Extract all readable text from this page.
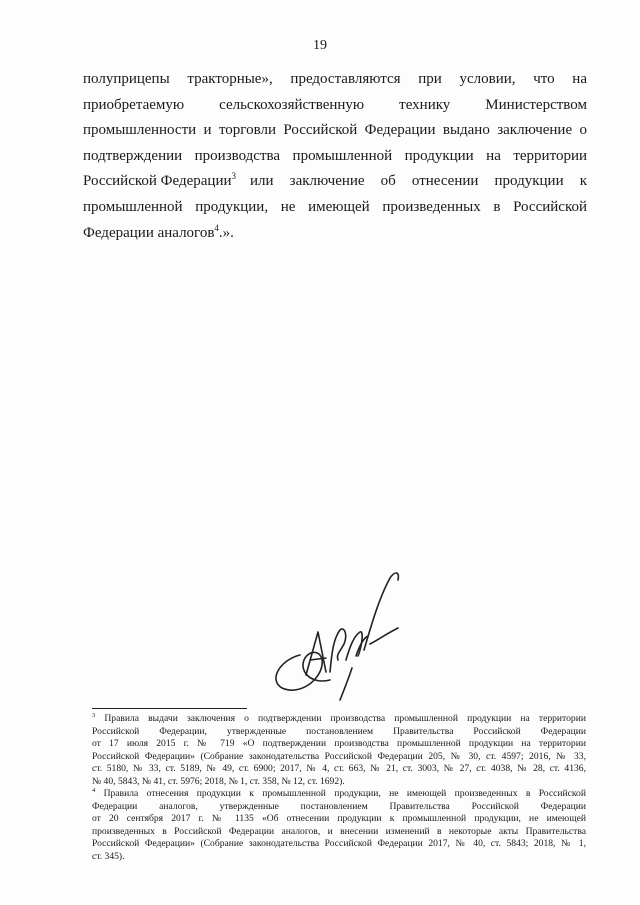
19
полуприцепы тракторные», предоставляются при условии, что на
приобретаемую сельскохозяйственную технику Министерством
промышленности и торговли Российской Федерации выдано заключение о
подтверждении производства промышленной продукции на территории
Российской Федерации$^3$ или заключение об отнесении продукции к
промышленной продукции, не имеющей произведенных в Российской
Федерации аналогов$^4$.».
$^3$ Правила выдачи заключения о подтверждении производства промышленной продукции на территории
Российской Федерации, утвержденные постановлением Правительства Российской Федерации
от 17 июля 2015 г. № 719 «О подтверждении производства промышленной продукции на территории
Российской Федерации» (Собрание законодательства Российской Федерации 205, № 30, ст. 4597; 2016, № 33,
ст. 5180, № 33, ст. 5189, № 49, ст. 6900; 2017, № 4, ст. 663, № 21, ст. 3003, № 27, ст. 4038, № 28, ст. 4136,
№ 40, 5843, № 41, ст. 5976; 2018, № 1, ст. 358, № 12, ст. 1692).
$^4$ Правила отнесения продукции к промышленной продукции, не имеющей произведенных в Российской
Федерации аналогов, утвержденные постановлением Правительства Российской Федерации
от 20 сентября 2017 г. № 1135 «Об отнесении продукции к промышленной продукции, не имеющей
произведенных в Российской Федерации аналогов, и внесении изменений в некоторые акты Правительства
Российской Федерации» (Собрание законодательства Российской Федерации 2017, № 40, ст. 5843; 2018, № 1,
ст. 345).
